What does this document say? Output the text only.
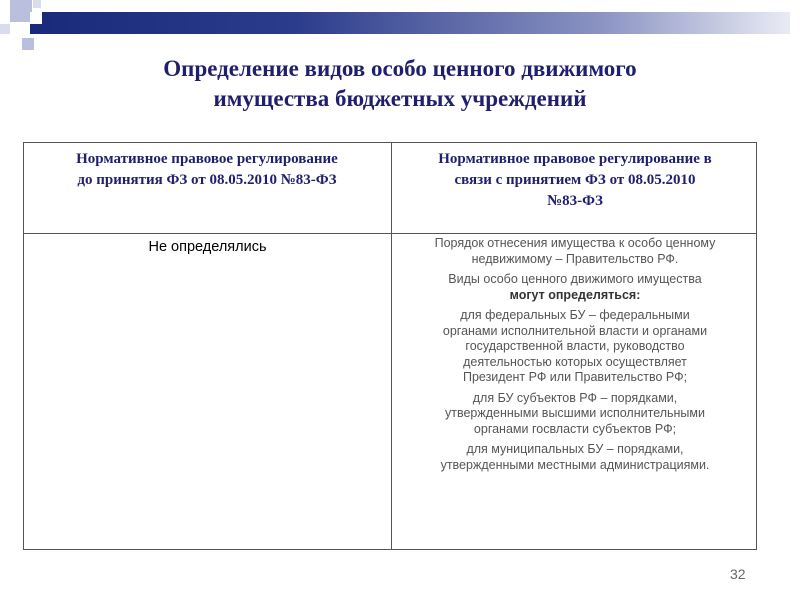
Определение видов особо ценного движимого
имущества бюджетных учреждений
Нормативное правовое регулирование
до принятия ФЗ от 08.05.2010 №83-ФЗ
Нормативное правовое регулирование в
связи с принятием ФЗ от 08.05.2010
№83-ФЗ
Не определялись	Порядок отнесения имущества к особо ценному
недвижимому – Правительство РФ.

Виды особо ценного движимого имущества
могут определяться:

для федеральных БУ – федеральными
органами исполнительной власти и органами
государственной власти, руководство
деятельностью которых осуществляет
Президент РФ или Правительство РФ;

для БУ субъектов РФ – порядками,
утвержденными высшими исполнительными
органами госвласти субъектов РФ;

для муниципальных БУ – порядками,
утвержденными местными администрациями.

32
